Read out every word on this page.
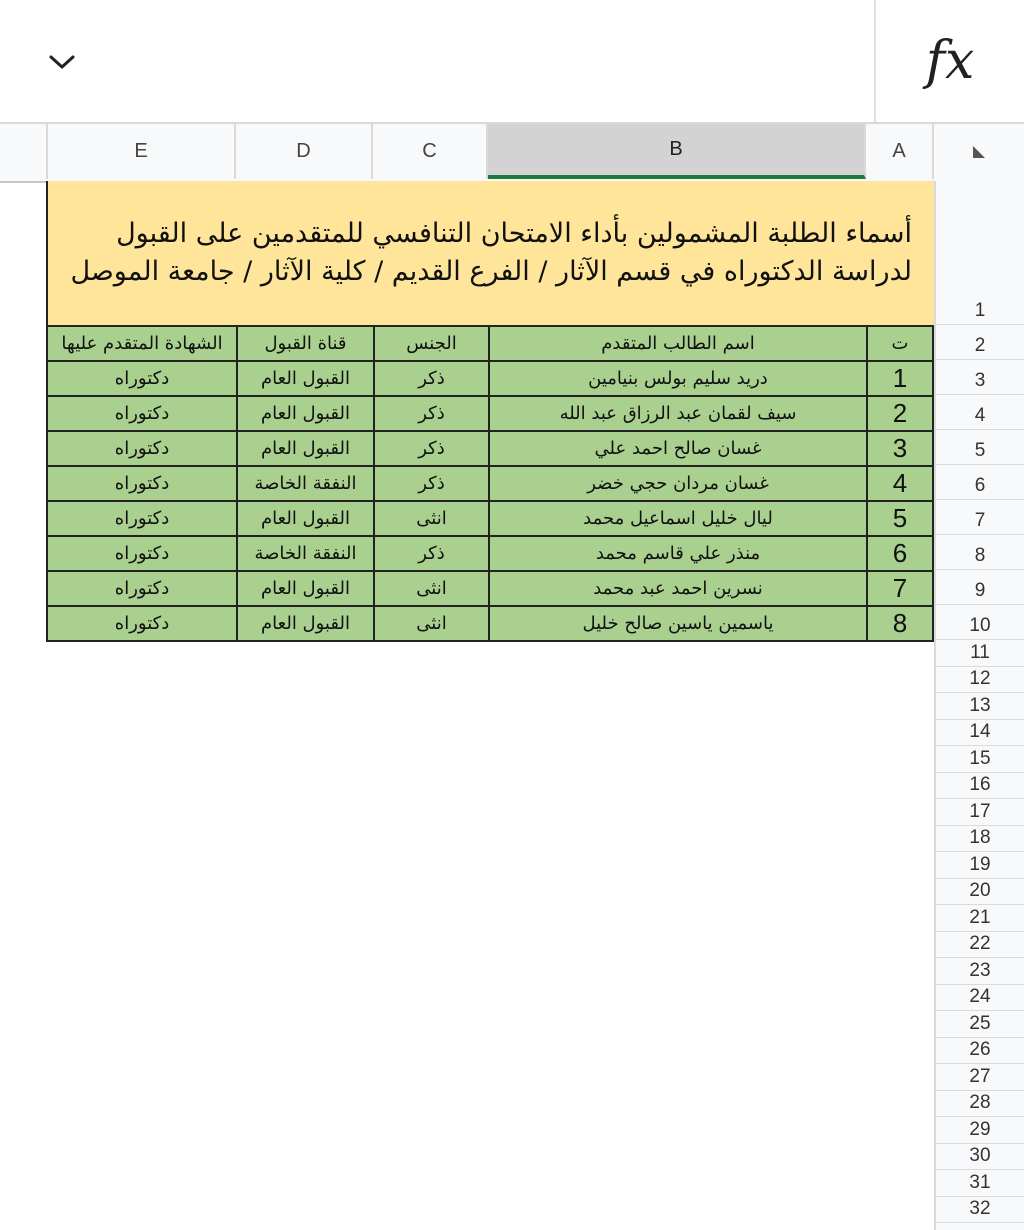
fx
E	D	C	B	A
1
2
3
4
5
6
7
8
9
10
11
12
13
14
15
16
17
18
19
20
21
22
23
24
25
26
27
28
29
30
31
32
أسماء الطلبة المشمولين بأداء الامتحان التنافسي للمتقدمين على القبول لدراسة الدكتوراه في قسم الآثار / الفرع القديم / كلية الآثار / جامعة الموصل
ت	اسم الطالب المتقدم	الجنس	قناة القبول	الشهادة المتقدم عليها
1	دريد سليم بولس بنيامين	ذكر	القبول العام	دكتوراه
2	سيف لقمان عبد الرزاق عبد الله	ذكر	القبول العام	دكتوراه
3	غسان صالح احمد علي	ذكر	القبول العام	دكتوراه
4	غسان مردان حجي خضر	ذكر	النفقة الخاصة	دكتوراه
5	ليال خليل اسماعيل محمد	انثى	القبول العام	دكتوراه
6	منذر علي قاسم محمد	ذكر	النفقة الخاصة	دكتوراه
7	نسرين احمد عبد محمد	انثى	القبول العام	دكتوراه
8	ياسمين ياسين صالح خليل	انثى	القبول العام	دكتوراه
